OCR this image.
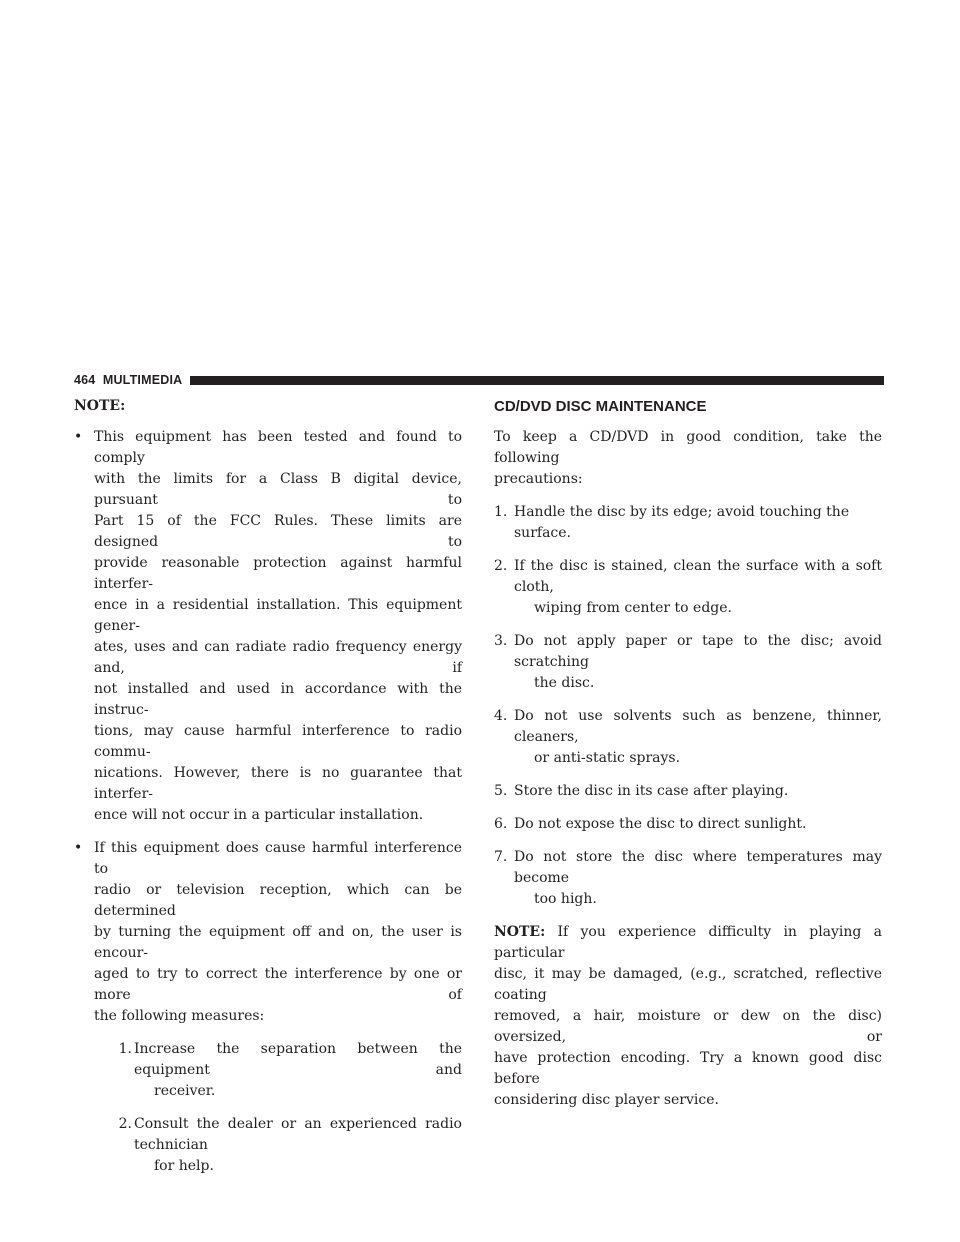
464 MULTIMEDIA

NOTE:

• This equipment has been tested and found to comply

with the limits for a Class B digital device, pursuant to

Part 15 of the FCC Rules. These limits are designed to

provide reasonable protection against harmful interfer-

ence in a residential installation. This equipment gener-

ates, uses and can radiate radio frequency energy and, if

not installed and used in accordance with the instruc-

tions, may cause harmful interference to radio commu-

nications. However, there is no guarantee that interfer-

ence will not occur in a particular installation.

• If this equipment does cause harmful interference to

radio or television reception, which can be determined

by turning the equipment off and on, the user is encour-

aged to try to correct the interference by one or more of

the following measures:

1. Increase the separation between the equipment and

receiver.

2. Consult the dealer or an experienced radio technician

for help.

CD/DVD DISC MAINTENANCE

To keep a CD/DVD in good condition, take the following

precautions:

1. Handle the disc by its edge; avoid touching the surface.

2. If the disc is stained, clean the surface with a soft cloth,

wiping from center to edge.

3. Do not apply paper or tape to the disc; avoid scratching

the disc.

4. Do not use solvents such as benzene, thinner, cleaners,

or anti-static sprays.

5. Store the disc in its case after playing.

6. Do not expose the disc to direct sunlight.

7. Do not store the disc where temperatures may become

too high.

NOTE: If you experience difficulty in playing a particular

disc, it may be damaged, (e.g., scratched, reflective coating

removed, a hair, moisture or dew on the disc) oversized, or

have protection encoding. Try a known good disc before

considering disc player service.
